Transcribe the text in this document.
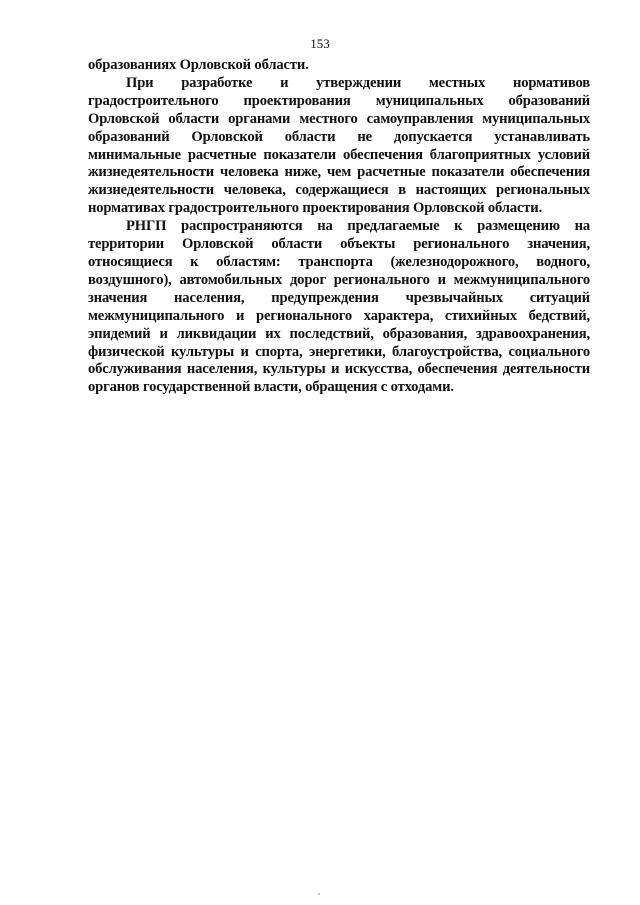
153

образованиях Орловской области.

При разработке и утверждении местных нормативов градостроительного проектирования муниципальных образований Орловской области органами местного самоуправления муниципальных образований Орловской области не допускается устанавливать минимальные расчетные показатели обеспечения благоприятных условий жизнедеятельности человека ниже, чем расчетные показатели обеспечения жизнедеятельности человека, содержащиеся в настоящих региональных нормативах градостроительного проектирования Орловской области.

РНГП распространяются на предлагаемые к размещению на территории Орловской области объекты регионального значения, относящиеся к областям: транспорта (железнодорожного, водного, воздушного), автомобильных дорог регионального и межмуниципального значения населения, предупреждения чрезвычайных ситуаций межмуниципального и регионального характера, стихийных бедствий, эпидемий и ликвидации их последствий, образования, здравоохранения, физической культуры и спорта, энергетики, благоустройства, социального обслуживания населения, культуры и искусства, обеспечения деятельности органов государственной власти, обращения с отходами.
